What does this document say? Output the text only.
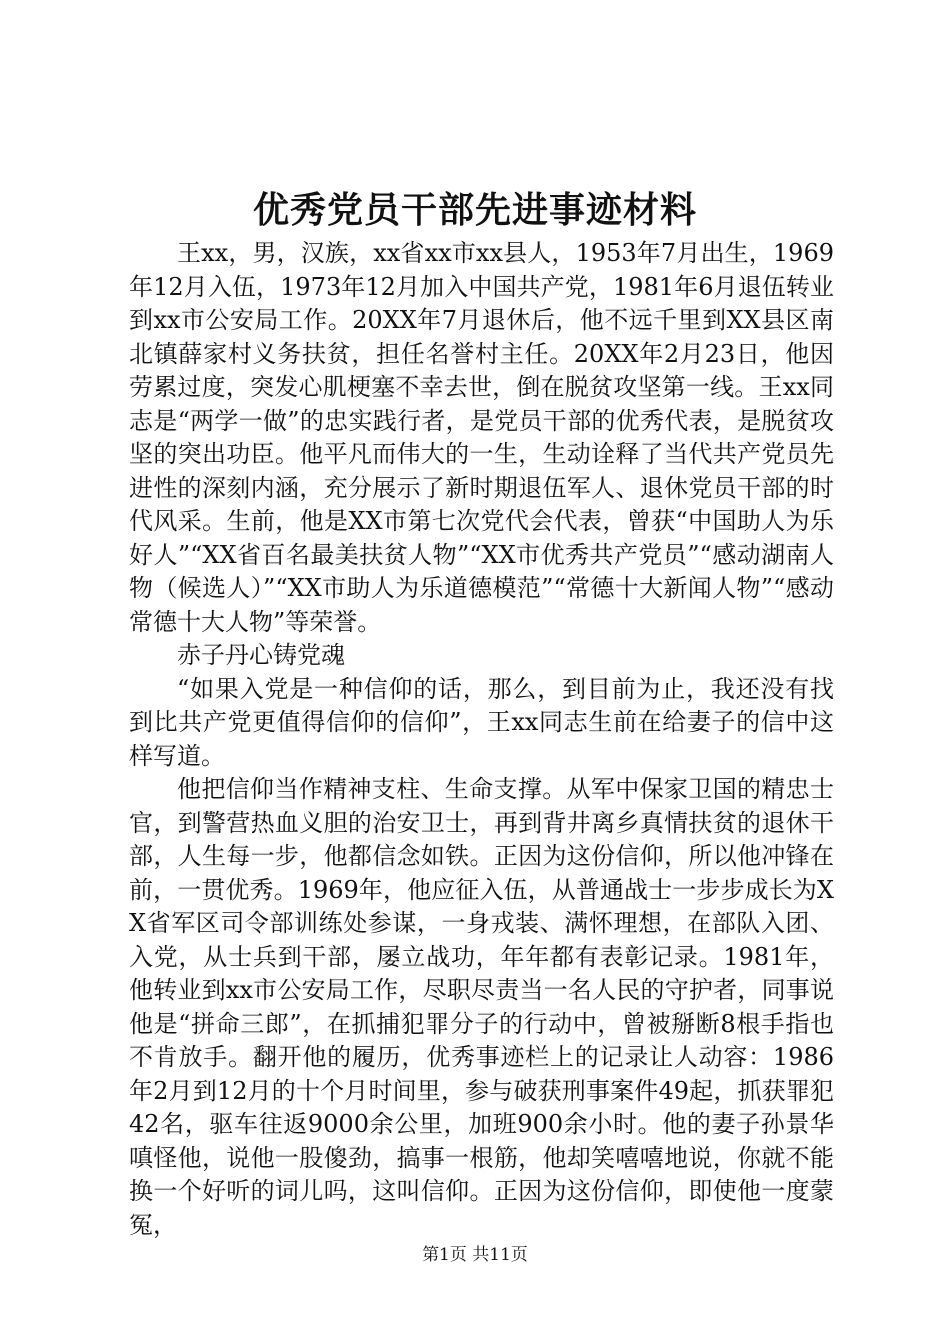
优秀党员干部先进事迹材料

王xx，男，汉族，xx省xx市xx县人，1953年7月出生，1969年12月入伍，1973年12月加入中国共产党，1981年6月退伍转业到xx市公安局工作。20XX年7月退休后，他不远千里到XX县区南北镇薛家村义务扶贫，担任名誉村主任。20XX年2月23日，他因劳累过度，突发心肌梗塞不幸去世，倒在脱贫攻坚第一线。王xx同志是“两学一做”的忠实践行者，是党员干部的优秀代表，是脱贫攻坚的突出功臣。他平凡而伟大的一生，生动诠释了当代共产党员先进性的深刻内涵，充分展示了新时期退伍军人、退休党员干部的时代风采。生前，他是XX市第七次党代会代表，曾获“中国助人为乐好人”“XX省百名最美扶贫人物”“XX市优秀共产党员”“感动湖南人物（候选人）”“XX市助人为乐道德模范”“常德十大新闻人物”“感动常德十大人物”等荣誉。

赤子丹心铸党魂

“如果入党是一种信仰的话，那么，到目前为止，我还没有找到比共产党更值得信仰的信仰”，王xx同志生前在给妻子的信中这样写道。

他把信仰当作精神支柱、生命支撑。从军中保家卫国的精忠士官，到警营热血义胆的治安卫士，再到背井离乡真情扶贫的退休干部，人生每一步，他都信念如铁。正因为这份信仰，所以他冲锋在前，一贯优秀。1969年，他应征入伍，从普通战士一步步成长为XX省军区司令部训练处参谋，一身戎装、满怀理想，在部队入团、入党，从士兵到干部，屡立战功，年年都有表彰记录。1981年，他转业到xx市公安局工作，尽职尽责当一名人民的守护者，同事说他是“拼命三郎”，在抓捕犯罪分子的行动中，曾被掰断8根手指也不肯放手。翻开他的履历，优秀事迹栏上的记录让人动容：1986年2月到12月的十个月时间里，参与破获刑事案件49起，抓获罪犯42名，驱车往返9000余公里，加班900余小时。他的妻子孙景华嗔怪他，说他一股傻劲，搞事一根筋，他却笑嘻嘻地说，你就不能换一个好听的词儿吗，这叫信仰。正因为这份信仰，即使他一度蒙冤，

第1页 共11页
